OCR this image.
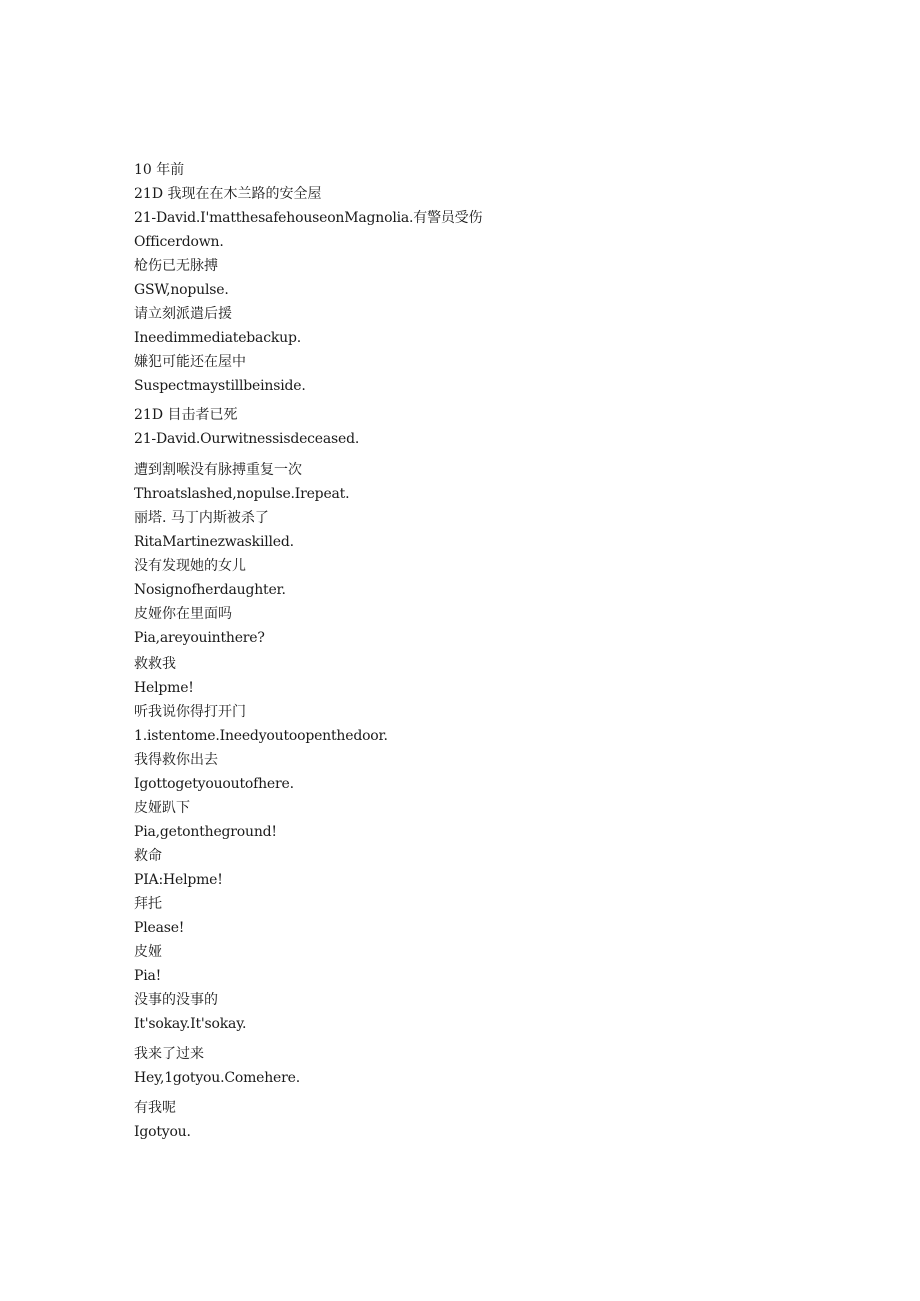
10 年前
21D 我现在在木兰路的安全屋
21-David.I'matthesafehouseonMagnolia.有警员受伤
Officerdown.
枪伤已无脉搏
GSW,nopulse.
请立刻派遣后援
Ineedimmediatebackup.
嫌犯可能还在屋中
Suspectmaystillbeinside.
21D 目击者已死
21-David.Ourwitnessisdeceased.
遭到割喉没有脉搏重复一次
Throatslashed,nopulse.Irepeat.
丽塔. 马丁内斯被杀了
RitaMartinezwaskilled.
没有发现她的女儿
Nosignofherdaughter.
皮娅你在里面吗
Pia,areyouinthere?
救救我
Helpme!
听我说你得打开门
1.istentome.Ineedyoutoopenthedoor.
我得救你出去
Igottogetyououtofhere.
皮娅趴下
Pia,getontheground!
救命
PIA:Helpme!
拜托
Please!
皮娅
Pia!
没事的没事的
It'sokay.It'sokay.
我来了过来
Hey,1gotyou.Comehere.
有我呢
Igotyou.
